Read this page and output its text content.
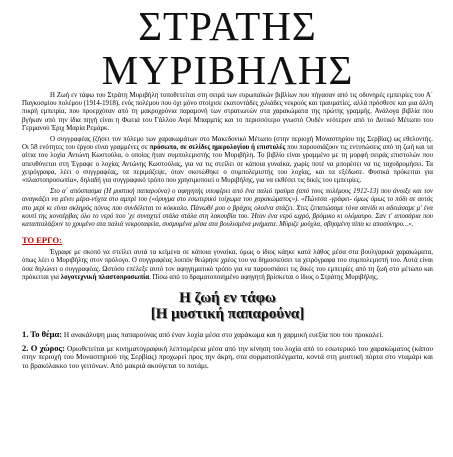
ΣΤΡΑΤΗΣ ΜΥΡΙΒΗΛΗΣ

Η Ζωή εν τάφω του Στράτη Μυριβήλη τοποθετείται στη σειρά των ευρωπαϊκών βιβλίων που πήγασαν από τις οδυνηρές εμπειρίες του Α΄ Παγκοσμίου πολέμου (1914-1918), ενός πολέμου που όχι μόνο στοίχισε εκατοντάδες χιλιάδες νεκρούς και τραυματίες, αλλά πρόσθεσε και μια άλλη πικρή εμπειρία, που προερχόταν από τη μακροχρόνια παραμονή των στρατιωτών στα χαρακώματα της πρώτης γραμμής. Ανάλογα βιβλία που βγήκαν από την ίδια πηγή είναι η Φωτιά του Γάλλου Ανρί Μπαρμπίς και το περισσότερο γνωστό Ουδέν νεότερον από το Δυτικό Μέτωπο του Γερμανού Έριχ Μαρία Ρεμάρκ.

Ο συγγραφέας (ζήσει τον πόλεμο των χαρακωμάτων στο Μακεδονικό Μέτωπο (στην περιοχή Μοναστηρίου της Σερβίας) ως εθελοντής. Οι 58 ενότητες του έργου είναι γραμμένες σε πρόσωπο, σε σελίδες ημερολογίου ή επιστολές που παρουσιάζουν τις εντυπώσεις από τη ζωή και τα αίτια του λοχία Αντώνη Κωστούλα, ο οποίος ήταν συμπολεμιστής του Μυριβήλη. Το βιβλίο είναι γραμμένο με τη μορφή σειράς επιστολών που απευθύνεται στη Έγραφε ο λοχίας Αντώνης Κωστούλας, για να τις στείλει σε κάποια γυναίκα, χωρίς ποτέ να μπορέσει να τις ταχυδρομήσει. Τα χειρόγραφα, λέει ο συγγραφέας, τα περιμάζεψε, όταν σκοτώθηκε ο συμπολεμιστής του λοχίας, και τα εξέδωσε. Φυσικά πρόκειται για «πλαστοπροσωπία», δηλαδή για συγγραφικό τρόπο που χρησιμοποιεί ο Μυριβήλης, για να εκθέσει τις δικές του εμπειρίες.

Στο α΄ απόσπασμα (Η μυστική παπαρούνα) ο αφηγητής υποφέρει από ένα παλιό τραύμα (από τους πολέμους 1912-13) που άνοιξε και τον αναγκάζει να μένει μέρα-νύχτα στο αμπρί του («όρυγμα στο εσωτερικό τοίχωμα του χαρακώματος»). «Πώνεσα -γράφει- όμως όμως το πόδι σε αυτός στο μερί κι είναι σκληρός πόνος που συνδέλεται το κόκκαλο. Πάνωθέ μου ο βράχος ολοένα στάζει. Χτες ζεπατώσαμε τόνα σανίδι κι αδειάσαμε μ' ένα κουτί της κονσέρβας όλο το νερό που 'χε συναχτεί στάλα στάλα στη λακουβία του. Ήταν ένα νερό ωχρό, βρόμικο κι ολόμαυρο. Σαν τ' αποσάρια που καταπταλάζουν το χρυμένο στα παλιά νεκροταφεία, συσμυμένα μέσα στα βουλισμένα μνήματα. Μύριζε μούχλα, σβησμένη πίπα κι αποσύνηρο...».

ΤΟ ΕΡΓΟ:

Έγραφε με σκοπό να στείλει αυτά τα κείμενα σε κάποια γυναίκα, όμως ο ίδιος κάηκε κατά λάθος μέσα στα βουλγαρικά χαρακώματα, όπως λέει ο Μυριβήλης στον πρόλογο. Ο συγγραφέας λοιπόν θεώρησε χρέος του να δημοσιεύσει τα χειρόγραφα του συμπολεμιστή του. Αυτά είναι όσα δηλώνει ο συγγραφέας. Ωστόσο επέλεξε αυτό τον αφηγηματικό τρόπο για να παρουσιάσει τις δικές του εμπειρίες από τη ζωή στο μέτωπο και πρόκειται για λογοτεχνική πλαστοπροσωπία. Πίσω από το δραματοποιημένο αφηγητή βρίσκεται ο ίδιος ο Στράτης Μυριβήλης.

Η ζωή εν τάφω
[Η μυστική παπαρούνα]

1. Το θέμα: Η ανακάλυψη μιας παπαρούνας από έναν λοχία μέσα στο χαράκωμα και η χαρμική ευεξία που του προκαλεί.

2. Ο χώρος: Οριοθετείται με κινηματογραφική λεπτομέρεια μέσα από την κίνηση του λοχία από το εσωτερικό του χαρακώματος (κάπου στην περιοχή του Μοναστηριού της Σερβίας) προχωρεί προς την άκρη, στα συρματοπλέγματα, κοντά στη μυστική πόρτα στο νταμάρι και το βρακόλακκο του γειτόνων. Από μακριά ακούγεται το ποτάμι.
